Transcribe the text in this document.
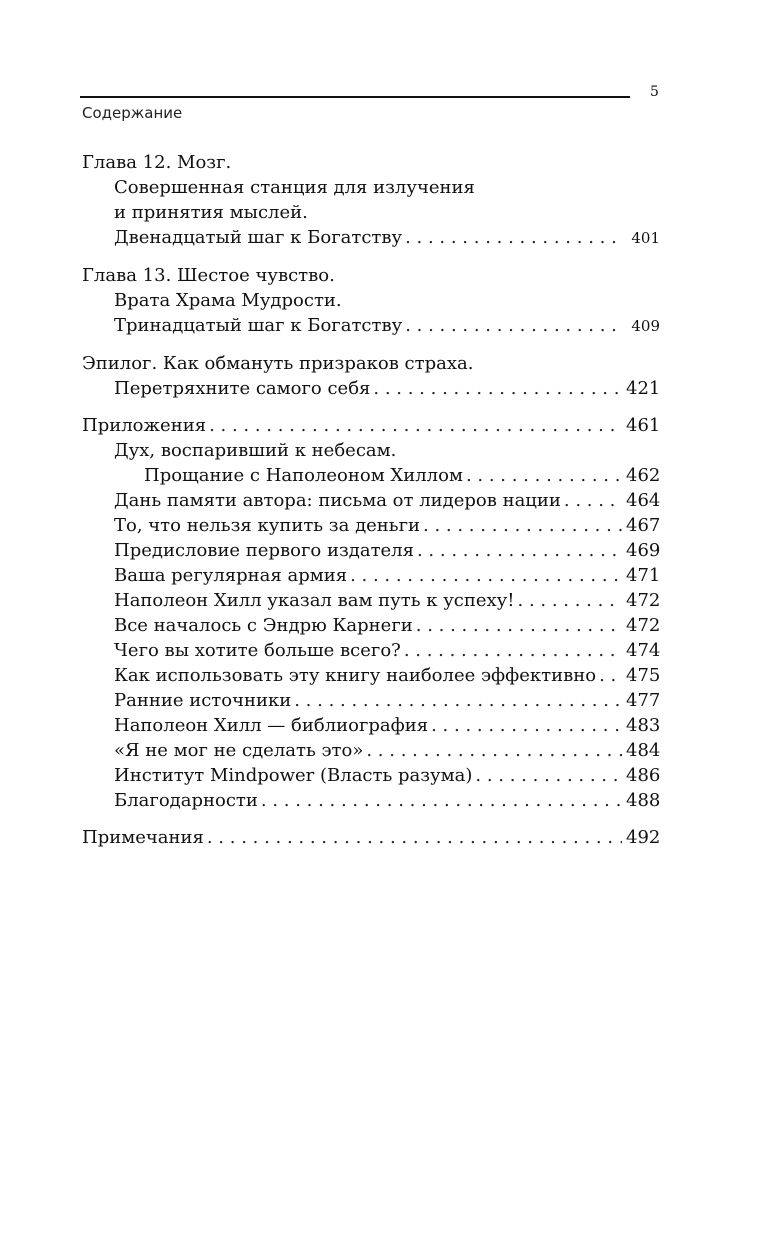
5
Содержание
Глава 12. Мозг.
Совершенная станция для излучения
и принятия мыслей.
Двенадцатый шаг к Богатству . . .	401
Глава 13. Шестое чувство.
Врата Храма Мудрости.
Тринадцатый шаг к Богатству . . .	409
Эпилог. Как обмануть призраков страха.
Перетряхните самого себя . . .	421
Приложения . . .	461
Дух, воспаривший к небесам.
Прощание с Наполеоном Хиллом . . .	462
Дань памяти автора: письма от лидеров нации . . .	464
То, что нельзя купить за деньги . . .	467
Предисловие первого издателя . . .	469
Ваша регулярная армия . . .	471
Наполеон Хилл указал вам путь к успеху! . . .	472
Все началось с Эндрю Карнеги . . .	472
Чего вы хотите больше всего? . . .	474
Как использовать эту книгу наиболее эффективно . . . 475
Ранние источники . . .	477
Наполеон Хилл — библиография . . .	483
«Я не мог не сделать это» . . .	484
Институт Mindpower (Власть разума) . . .	486
Благодарности . . .	488
Примечания . . .	492
